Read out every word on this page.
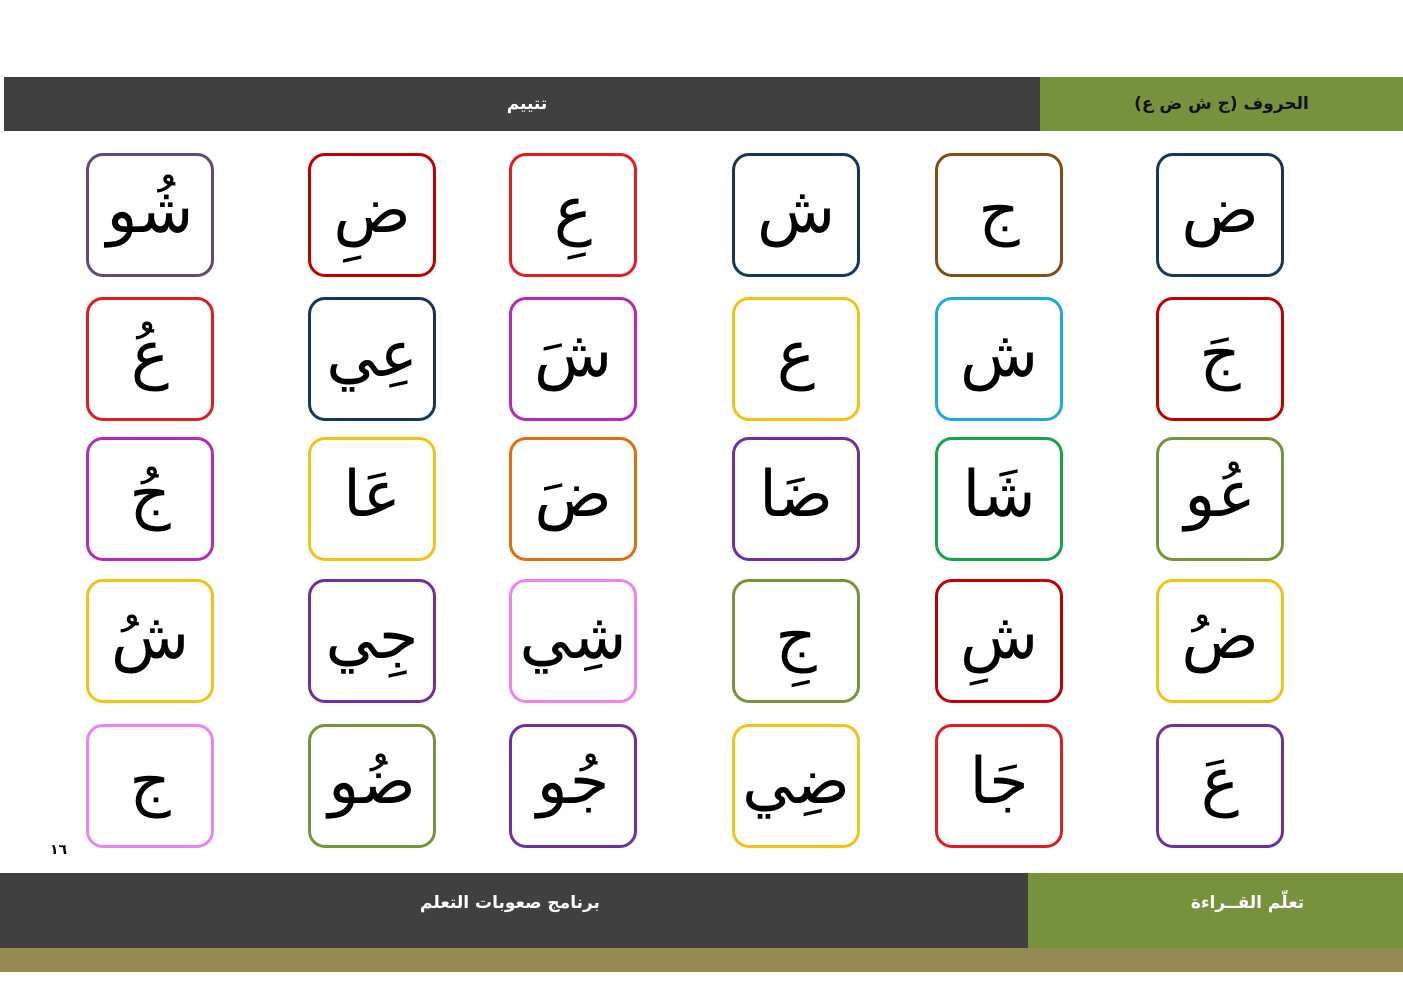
تتييم	الحروف (ج ش ض ع)
ض
ج
ش
عِ
ضِ
شُو
جَ
ش
ع
شَ
عِي
عُ
عُو
شَا
ضَا
ضَ
عَا
جُ
ضُ
شِ
جِ
شِي
جِي
شُ
عَ
جَا
ضِي
جُو
ضُو
ج
١٦
برنامج صعوبات التعلم	تعلّم القــراءة
